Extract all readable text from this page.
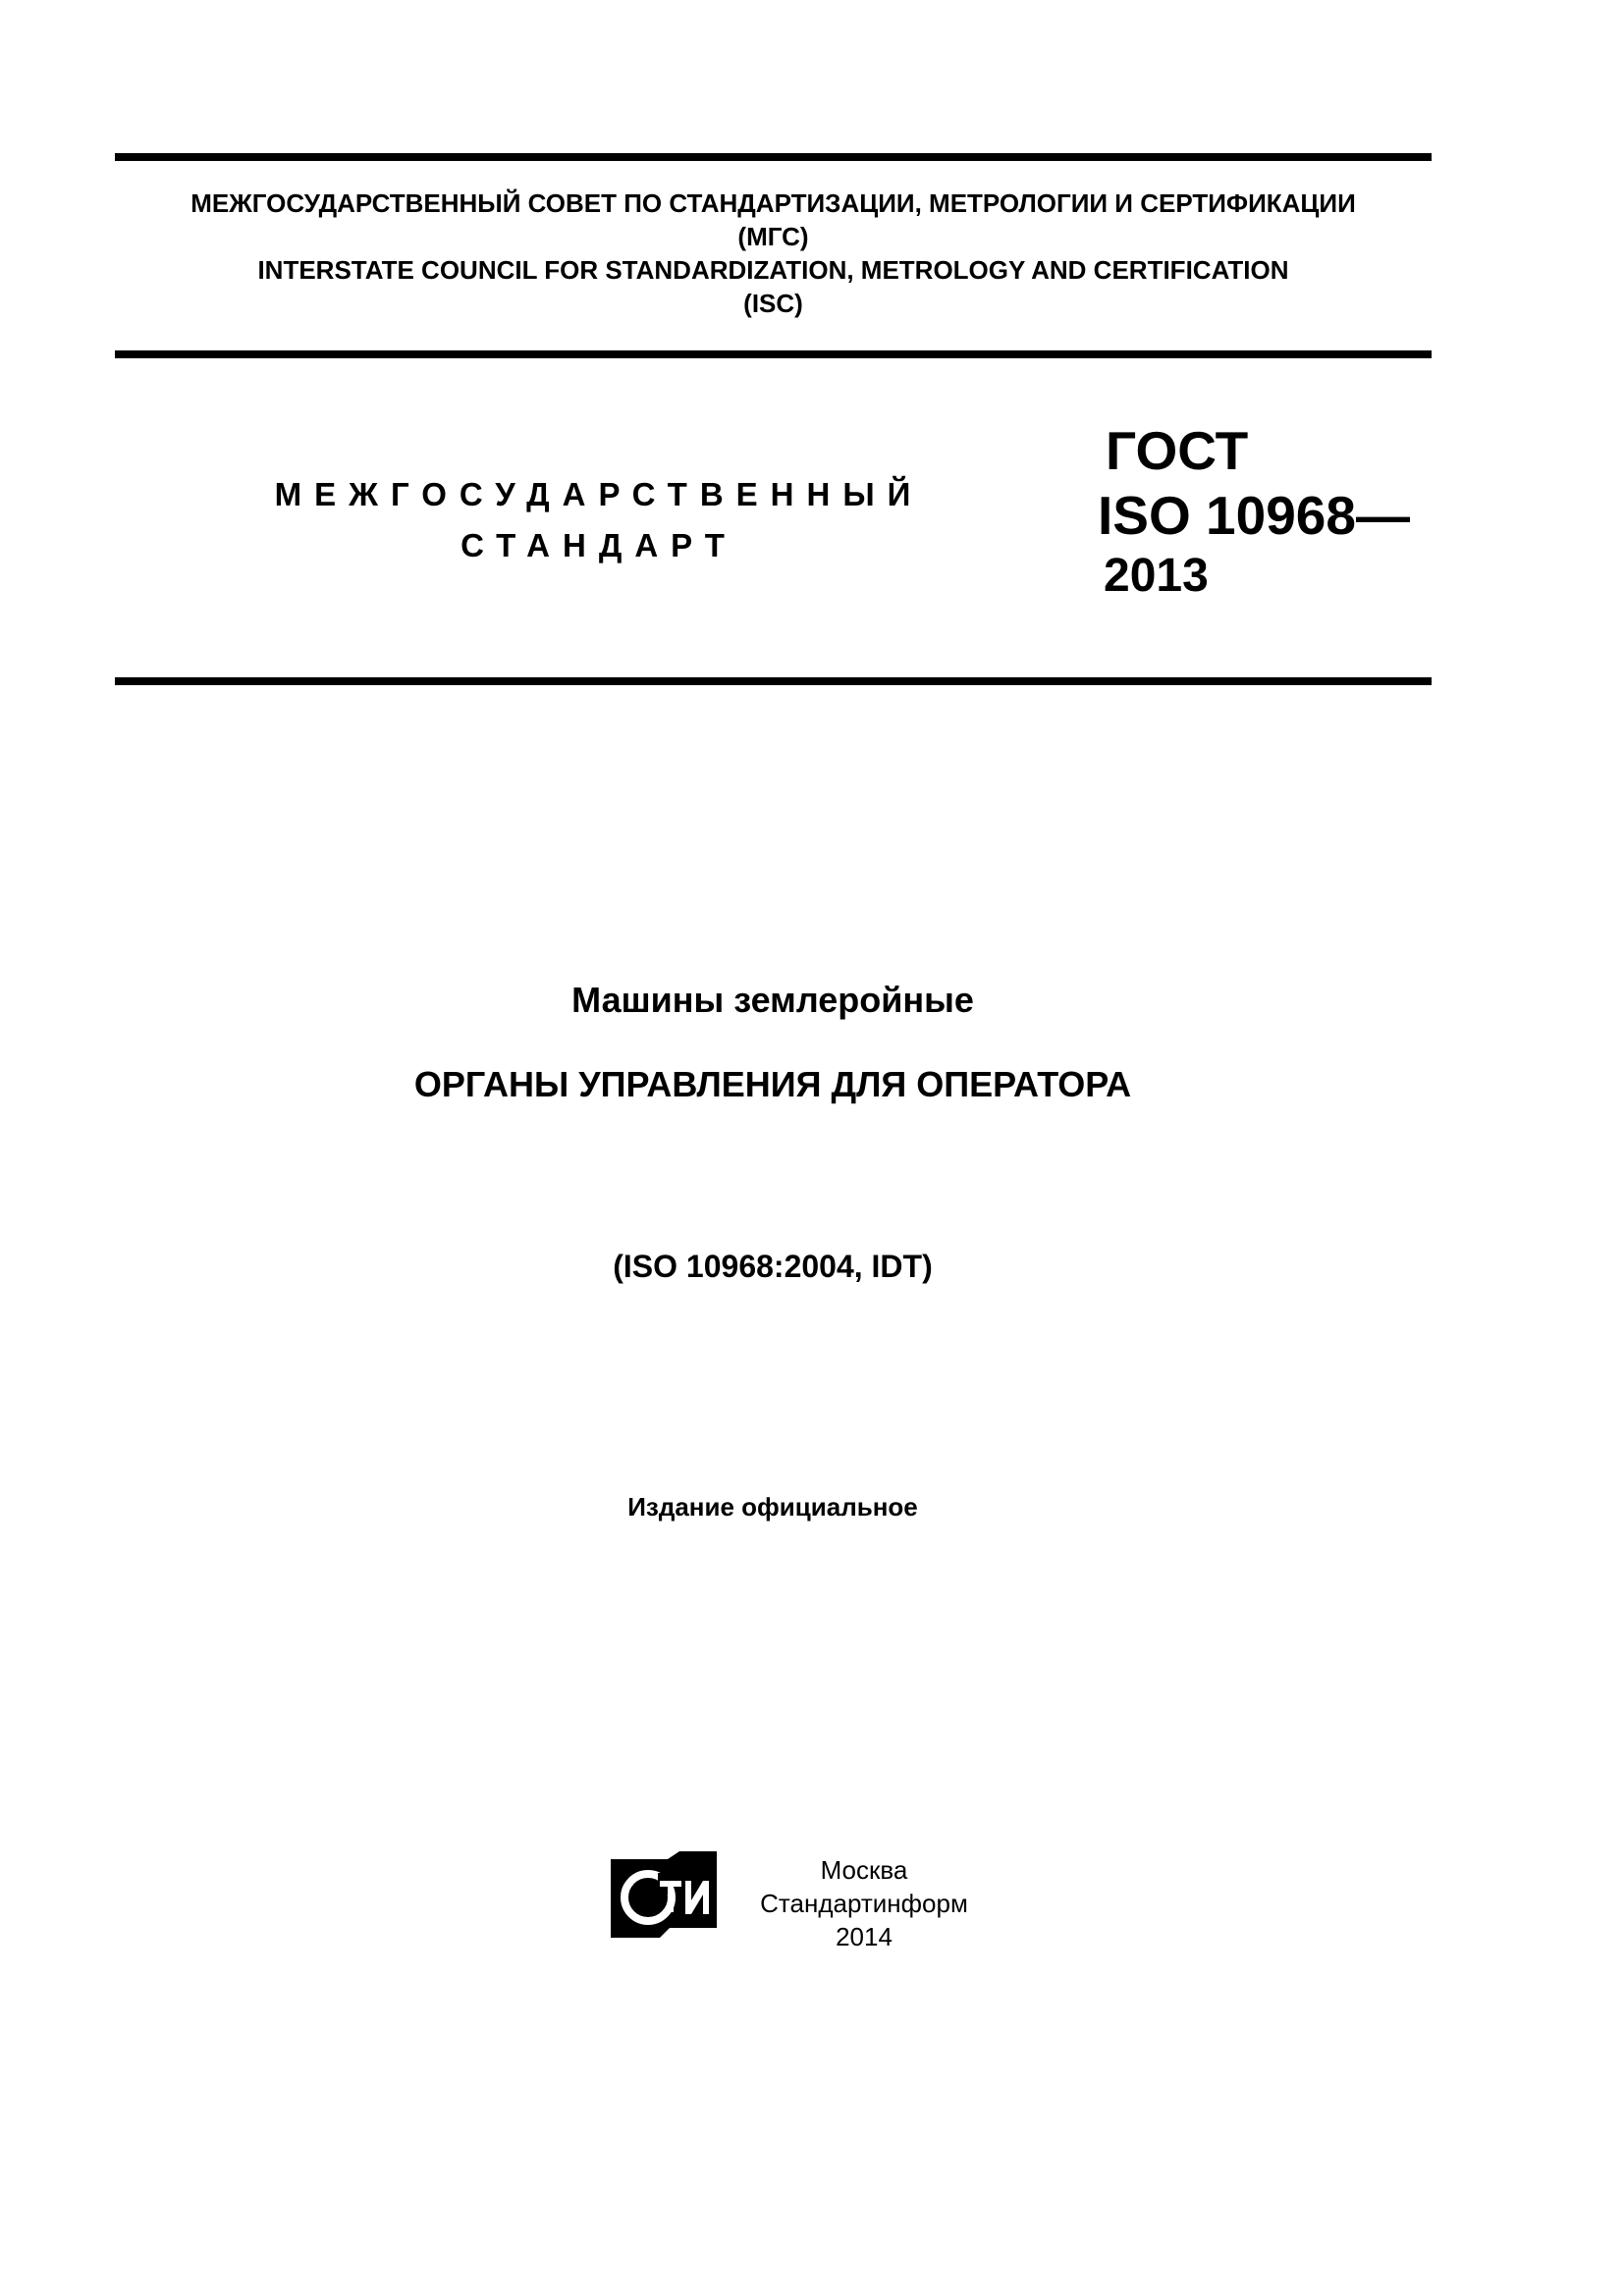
МЕЖГОСУДАРСТВЕННЫЙ СОВЕТ ПО СТАНДАРТИЗАЦИИ, МЕТРОЛОГИИ И СЕРТИФИКАЦИИ
(МГС)
INTERSTATE COUNCIL FOR STANDARDIZATION, METROLOGY AND CERTIFICATION
(ISC)
МЕЖГОСУДАРСТВЕННЫЙ
СТАНДАРТ
ГОСТ
ISO 10968—
2013
Машины землеройные
ОРГАНЫ УПРАВЛЕНИЯ ДЛЯ ОПЕРАТОРА
(ISO 10968:2004, IDT)
Издание официальное
Москва
Стандартинформ
2014
